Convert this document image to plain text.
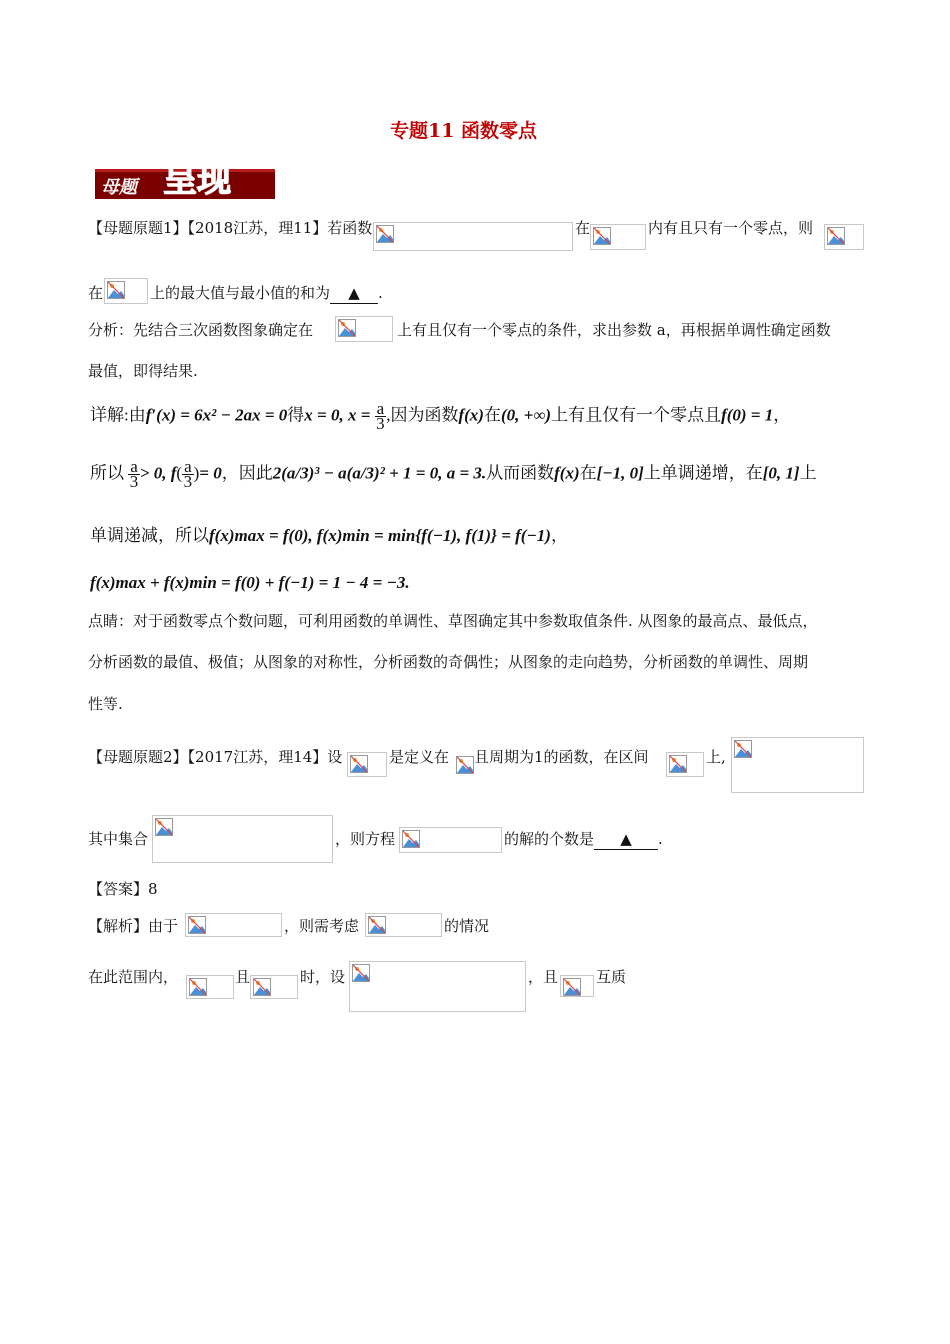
专题11 函数零点
母题 呈现
【母题原题1】【2018江苏，理11】若函数	在	内有且只有一个零点，则
在	上的最大值与最小值的和为 ▲ .
分析：先结合三次函数图象确定在	上有且仅有一个零点的条件，求出参数 a，再根据单调性确定函数
最值，即得结果.
详解:由f′(x) = 6x² − 2ax = 0得x = 0, $x = \frac{a}{3}$ ,因为函数f(x)在(0, +∞)上有且仅有一个零点且f(0) = 1，
所以 $\frac{a}{3} > 0$, $f( \frac{a}{3}$ )= 0，因此2(a/3)³ − a(a/3)² + 1 = 0, a = 3.从而函数f(x)在[−1, 0]上单调递增，在[0, 1]上
单调递减，所以f(x)max = f(0), f(x)min = min{f(−1), f(1)} = f(−1)，
f(x)max + f(x)min = f(0) + f(−1) = 1 − 4 = −3.
点睛：对于函数零点个数问题，可利用函数的单调性、草图确定其中参数取值条件. 从图象的最高点、最低点，
分析函数的最值、极值；从图象的对称性，分析函数的奇偶性；从图象的走向趋势，分析函数的单调性、周期
性等.
【母题原题2】【2017江苏，理14】设	是定义在 且周期为1的函数，在区间	上,
其中集合	，则方程	的解的个数是 ▲ .
【答案】8
【解析】由于	，则需考虑	的情况
在此范围内，	且	时，设	，且	互质
